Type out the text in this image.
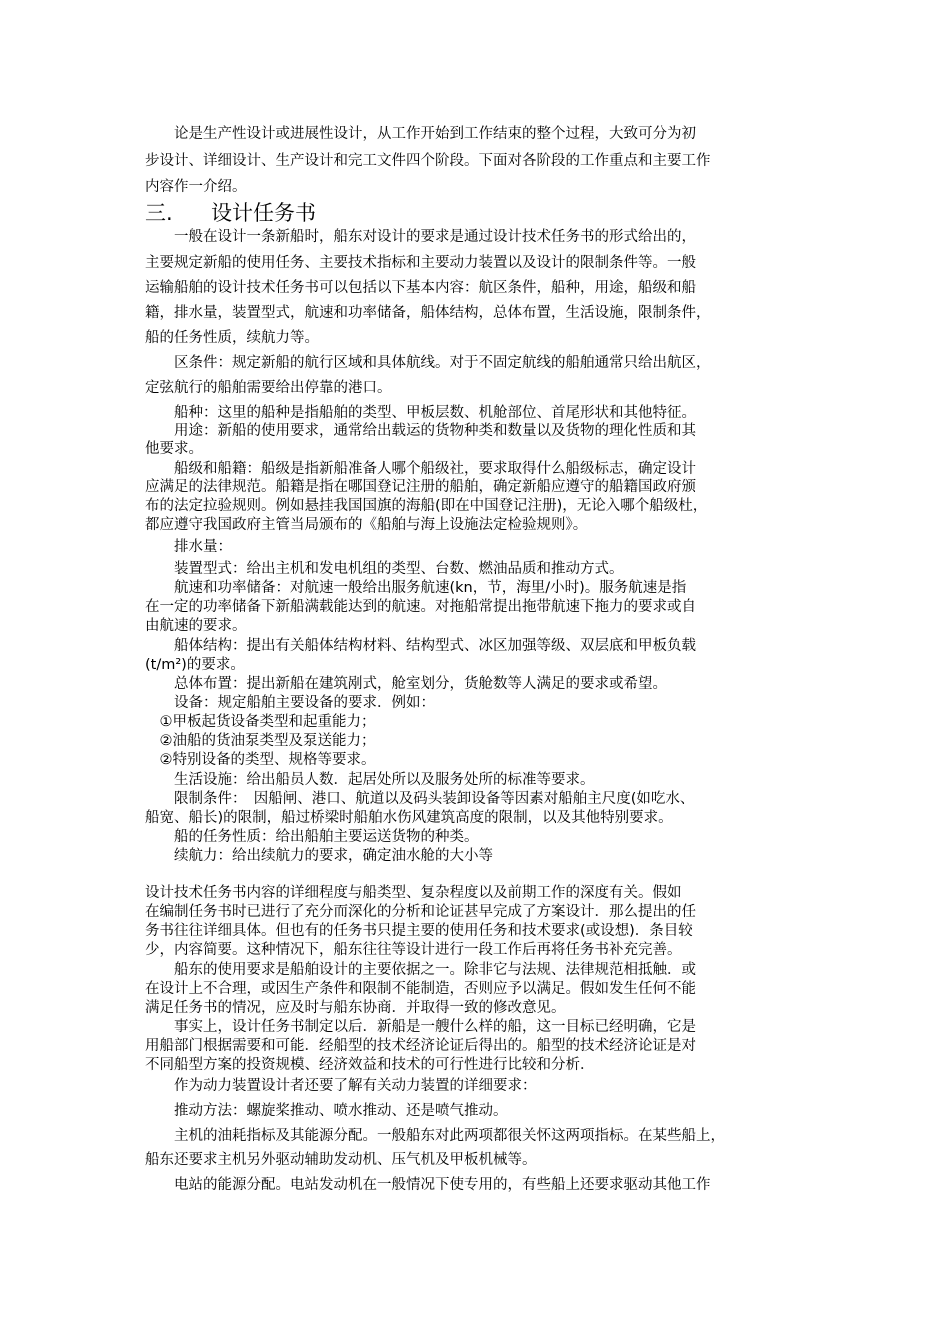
三. 设计任务书
　　论是生产性设计或进展性设计，从工作开始到工作结束的整个过程，大致可分为初
步设计、详细设计、生产设计和完工文件四个阶段。下面对各阶段的工作重点和主要工作
内容作一介绍。
　　一般在设计一条新船时，船东对设计的要求是通过设计技术任务书的形式给出的，
主要规定新船的使用任务、主要技术指标和主要动力装置以及设计的限制条件等。一般
运输船舶的设计技术任务书可以包括以下基本内容：航区条件，船种，用途，船级和船
籍，排水量，装置型式，航速和功率储备，船体结构，总体布置，生活设施，限制条件，
船的任务性质，续航力等。
　　区条件：规定新船的航行区域和具体航线。对于不固定航线的船舶通常只给出航区，
定弦航行的船舶需要给出停靠的港口。
　　船种：这里的船种是指船舶的类型、甲板层数、机舱部位、首尾形状和其他特征。
　　用途：新船的使用要求，通常给出载运的货物种类和数量以及货物的理化性质和其
他要求。
　　船级和船籍：船级是指新船准备人哪个船级社，要求取得什么船级标志，确定设计
应满足的法律规范。船籍是指在哪国登记注册的船舶，确定新船应遵守的船籍国政府颁
布的法定拉验规则。例如悬挂我国国旗的海船(即在中国登记注册)，无论入哪个船级杜，
都应遵守我国政府主管当局颁布的《船舶与海上设施法定检验规则》。
　　排水量：
　　装置型式：给出主机和发电机组的类型、台数、燃油品质和推动方式。
　　航速和功率储备：对航速一般给出服务航速(kn，节，海里/小时)。服务航速是指
在一定的功率储备下新船满载能达到的航速。对拖船常提出拖带航速下拖力的要求或自
由航速的要求。
　　船体结构：提出有关船体结构材料、结构型式、冰区加强等级、双层底和甲板负载
(t/m²)的要求。
　　总体布置：提出新船在建筑剐式，舱室划分，货舱数等人满足的要求或希望。
　　设备：规定船舶主要设备的要求．例如：
　①甲板起货设备类型和起重能力；
　②油船的货油泵类型及泵送能力；
　②特别设备的类型、规格等要求。
　　生活设施：给出船员人数．起居处所以及服务处所的标准等要求。
　　限制条件：　因船闸、港口、航道以及码头装卸设备等因素对船舶主尺度(如吃水、
船宽、船长)的限制，船过桥梁时船舶水伤风建筑高度的限制，以及其他特别要求。
　　船的任务性质：给出船舶主要运送货物的种类。
　　续航力：给出续航力的要求，确定油水舱的大小等
设计技术任务书内容的详细程度与船类型、复杂程度以及前期工作的深度有关。假如
在编制任务书时已进行了充分而深化的分析和论证甚早完成了方案设计．那么提出的任
务书往往详细具体。但也有的任务书只提主要的使用任务和技术要求(或设想)．条目较
少，内容简要。这种情况下，船东往往等设计进行一段工作后再将任务书补充完善。
　　船东的使用要求是船舶设计的主要依据之一。除非它与法规、法律规范相抵触．或
在设计上不合理，或因生产条件和限制不能制造，否则应予以满足。假如发生任何不能
满足任务书的情况，应及时与船东协商．并取得一致的修改意见。
　　事实上，设计任务书制定以后．新船是一艘什么样的船，这一目标已经明确，它是
用船部门根据需要和可能．经船型的技术经济论证后得出的。船型的技术经济论证是对
不同船型方案的投资规模、经济效益和技术的可行性进行比较和分析．
　　作为动力装置设计者还要了解有关动力装置的详细要求：
　　推动方法：螺旋桨推动、喷水推动、还是喷气推动。
　　主机的油耗指标及其能源分配。一般船东对此两项都很关怀这两项指标。在某些船上，
船东还要求主机另外驱动辅助发动机、压气机及甲板机械等。
　　电站的能源分配。电站发动机在一般情况下使专用的，有些船上还要求驱动其他工作
